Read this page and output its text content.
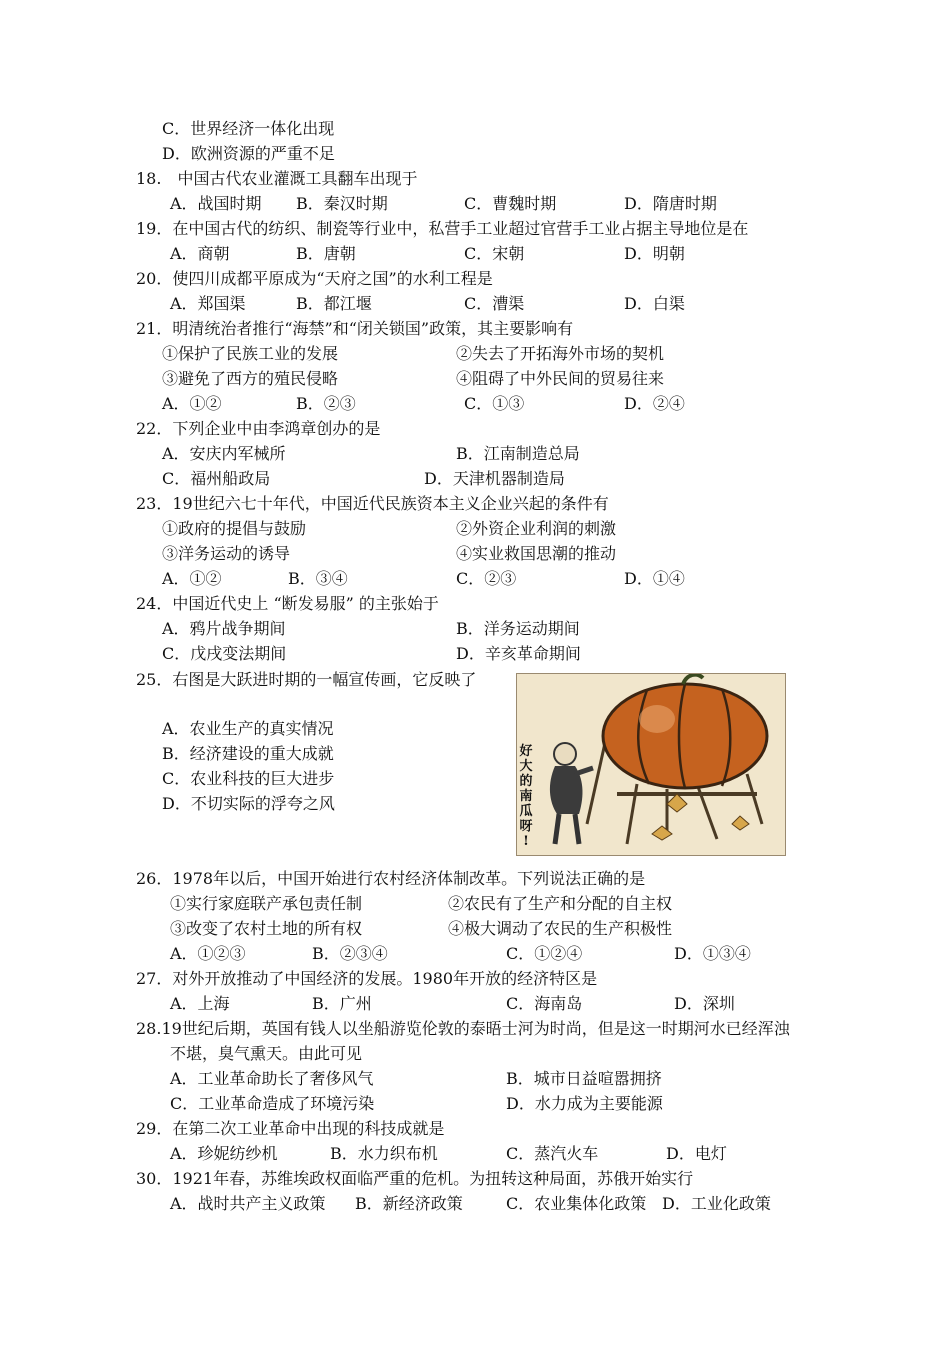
C．世界经济一体化出现
D．欧洲资源的严重不足
18.　中国古代农业灌溉工具翻车出现于
A．战国时期 B．秦汉时期	C．曹魏时期	D．隋唐时期
19．在中国古代的纺织、制瓷等行业中，私营手工业超过官营手工业占据主导地位是在
A．商朝	B．唐朝	C．宋朝	D．明朝
20．使四川成都平原成为“天府之国”的水利工程是
A．郑国渠	B．都江堰	C．漕渠	D．白渠
21．明清统治者推行“海禁”和“闭关锁国”政策，其主要影响有
①保护了民族工业的发展	②失去了开拓海外市场的契机
③避免了西方的殖民侵略	④阻碍了中外民间的贸易往来
A．①②	B．②③	C．①③	D．②④
22．下列企业中由李鸿章创办的是
A．安庆内军械所	B．江南制造总局
C．福州船政局	D．天津机器制造局
23．19世纪六七十年代，中国近代民族资本主义企业兴起的条件有
①政府的提倡与鼓励	②外资企业利润的刺激
③洋务运动的诱导	④实业救国思潮的推动
A．①②	B．③④	C．②③	D．①④
24．中国近代史上 “断发易服” 的主张始于
A．鸦片战争期间	B．洋务运动期间
C．戊戌变法期间	D．辛亥革命期间
25．右图是大跃进时期的一幅宣传画，它反映了
A．农业生产的真实情况
B．经济建设的重大成就
C．农业科技的巨大进步
D．不切实际的浮夸之风
好
大
的
南
瓜
呀
!
26．1978年以后，中国开始进行农村经济体制改革。下列说法正确的是
①实行家庭联产承包责任制	②农民有了生产和分配的自主权
③改变了农村土地的所有权	④极大调动了农民的生产积极性
A．①②③	B．②③④	C．①②④	D．①③④
27．对外开放推动了中国经济的发展。1980年开放的经济特区是
A．上海	B．广州	C．海南岛	D．深圳
28.19世纪后期，英国有钱人以坐船游览伦敦的泰晤士河为时尚，但是这一时期河水已经浑浊
不堪，臭气熏天。由此可见
A．工业革命助长了奢侈风气	B．城市日益喧嚣拥挤
C．工业革命造成了环境污染	D．水力成为主要能源
29．在第二次工业革命中出现的科技成就是
A．珍妮纺纱机	B．水力织布机	C．蒸汽火车	D．电灯
30．1921年春，苏维埃政权面临严重的危机。为扭转这种局面，苏俄开始实行
A．战时共产主义政策 B．新经济政策	C．农业集体化政策 D．工业化政策
